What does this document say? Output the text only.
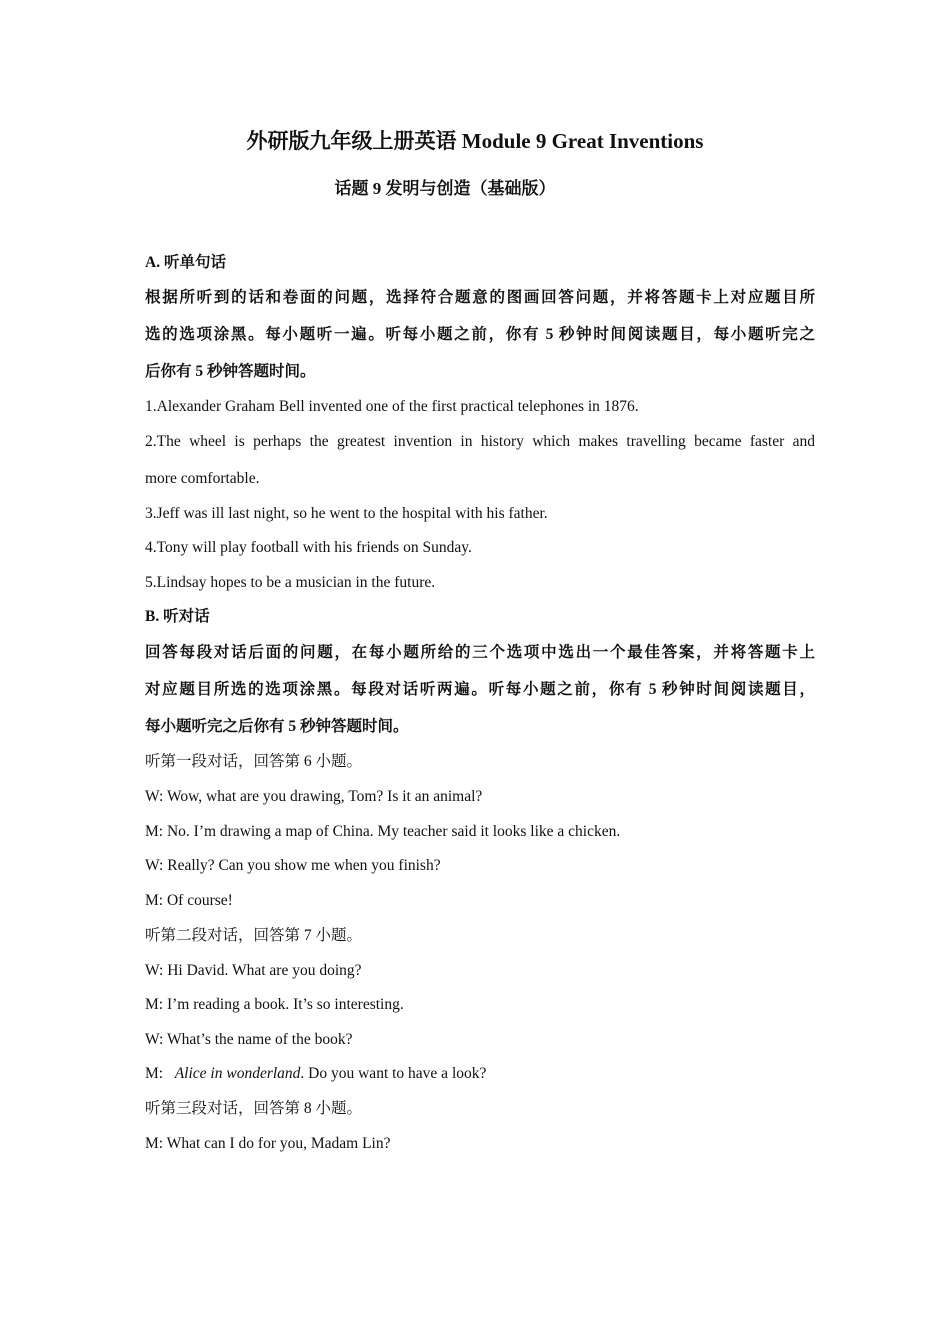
外研版九年级上册英语 Module 9 Great Inventions
话题 9 发明与创造（基础版）
A. 听单句话
根据所听到的话和卷面的问题，选择符合题意的图画回答问题，并将答题卡上对应题目所
选的选项涂黑。每小题听一遍。听每小题之前，你有 5 秒钟时间阅读题目，每小题听完之
后你有 5 秒钟答题时间。
1.Alexander Graham Bell invented one of the first practical telephones in 1876.
2.The wheel is perhaps the greatest invention in history which makes travelling became faster and
more comfortable.
3.Jeff was ill last night, so he went to the hospital with his father.
4.Tony will play football with his friends on Sunday.
5.Lindsay hopes to be a musician in the future.
B. 听对话
回答每段对话后面的问题，在每小题所给的三个选项中选出一个最佳答案，并将答题卡上
对应题目所选的选项涂黑。每段对话听两遍。听每小题之前，你有 5 秒钟时间阅读题目，
每小题听完之后你有 5 秒钟答题时间。
听第一段对话，回答第 6 小题。
W: Wow, what are you drawing, Tom? Is it an animal?
M: No. I’m drawing a map of China. My teacher said it looks like a chicken.
W: Really? Can you show me when you finish?
M: Of course!
听第二段对话，回答第 7 小题。
W: Hi David. What are you doing?
M: I’m reading a book. It’s so interesting.
W: What’s the name of the book?
M: Alice in wonderland. Do you want to have a look?
听第三段对话，回答第 8 小题。
M: What can I do for you, Madam Lin?
